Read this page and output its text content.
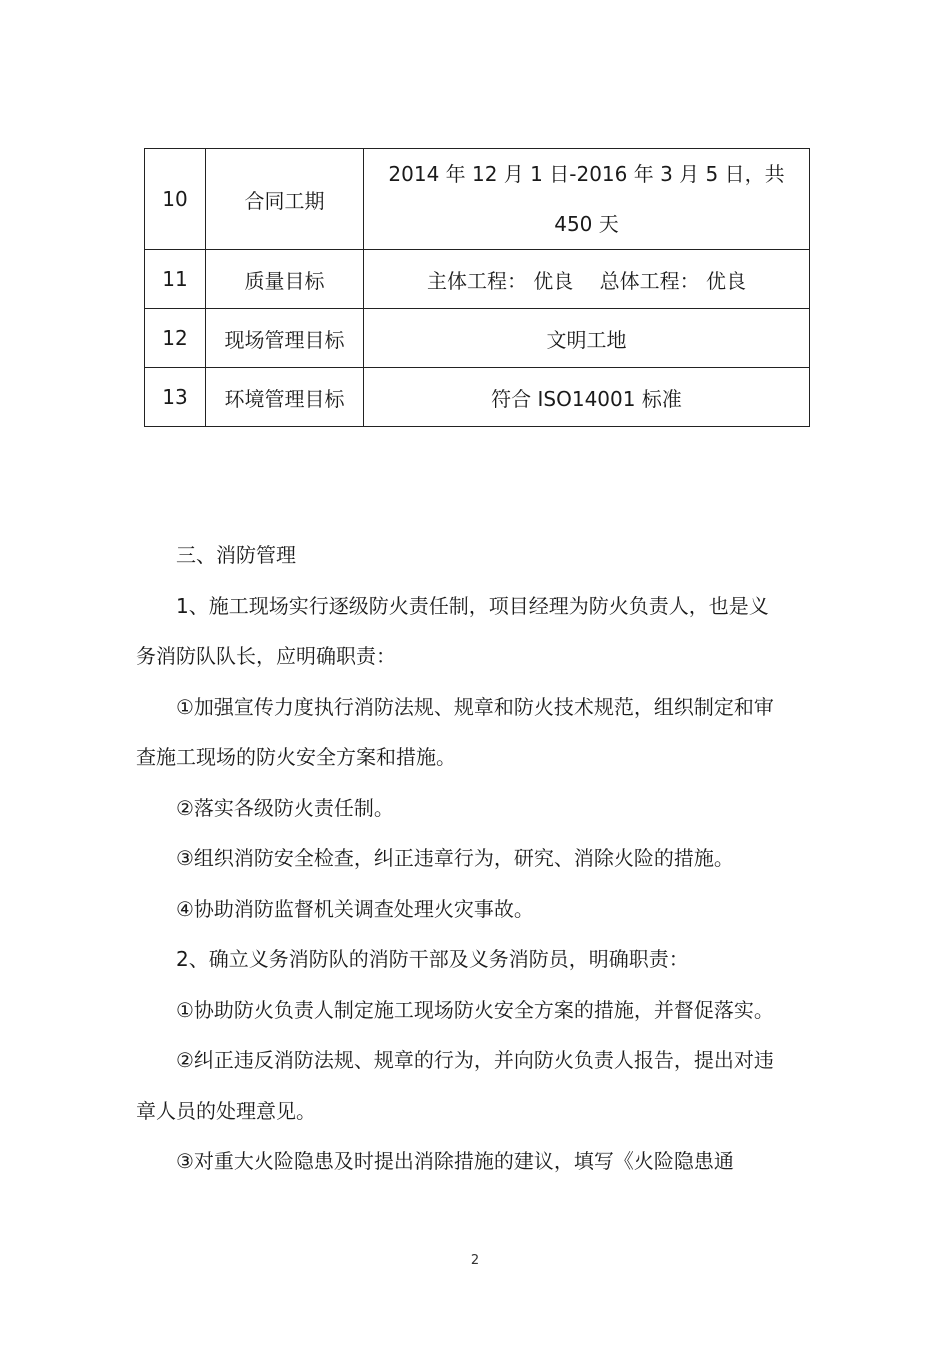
10	合同工期	2014 年 12 月 1 日-2016 年 3 月 5 日，共 450 天
11	质量目标	主体工程： 优良　 总体工程： 优良
12	现场管理目标	文明工地
13	环境管理目标	符合 ISO14001 标准

三、消防管理

1、施工现场实行逐级防火责任制，项目经理为防火负责人，也是义务消防队队长，应明确职责：

①加强宣传力度执行消防法规、规章和防火技术规范，组织制定和审查施工现场的防火安全方案和措施。

②落实各级防火责任制。

③组织消防安全检查，纠正违章行为，研究、消除火险的措施。

④协助消防监督机关调查处理火灾事故。

2、确立义务消防队的消防干部及义务消防员，明确职责：

①协助防火负责人制定施工现场防火安全方案的措施，并督促落实。

②纠正违反消防法规、规章的行为，并向防火负责人报告，提出对违章人员的处理意见。

③对重大火险隐患及时提出消除措施的建议，填写《火险隐患通

2
